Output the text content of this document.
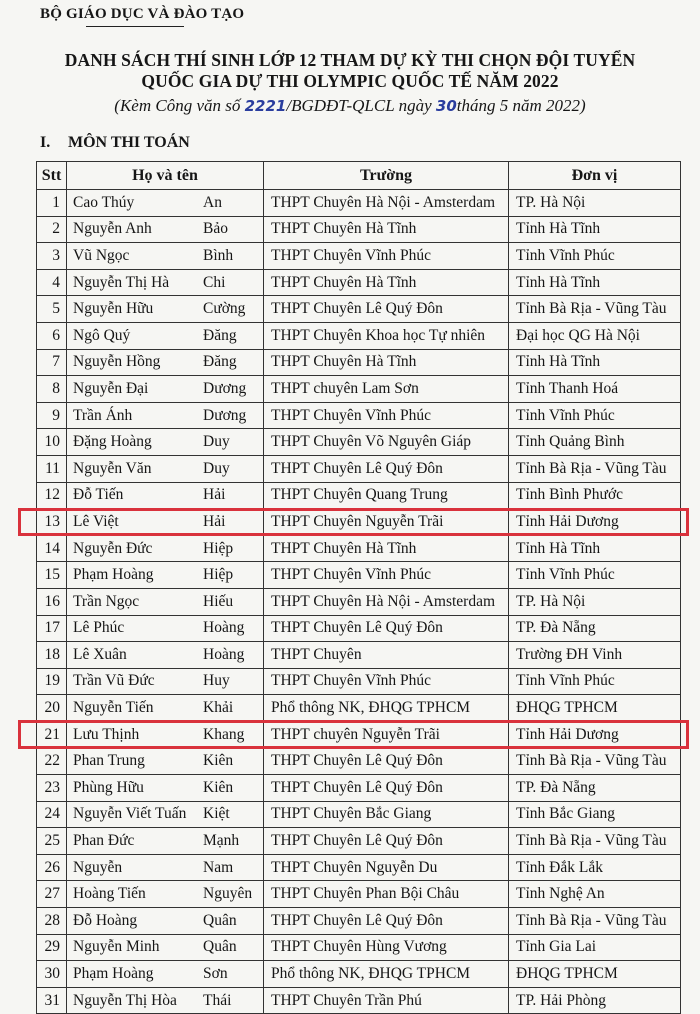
BỘ GIÁO DỤC VÀ ĐÀO TẠO
DANH SÁCH THÍ SINH LỚP 12 THAM DỰ KỲ THI CHỌN ĐỘI TUYỂN
QUỐC GIA DỰ THI OLYMPIC QUỐC TẾ NĂM 2022
(Kèm Công văn số 2221/BGDĐT-QLCL ngày 30tháng 5 năm 2022)
I. MÔN THI TOÁN
Stt	Họ và tên	Trường	Đơn vị
1	Cao Thúy An	THPT Chuyên Hà Nội - Amsterdam	TP. Hà Nội
2	Nguyễn Anh Bảo	THPT Chuyên Hà Tĩnh	Tỉnh Hà Tĩnh
3	Vũ Ngọc Bình	THPT Chuyên Vĩnh Phúc	Tỉnh Vĩnh Phúc
4	Nguyễn Thị Hà Chi	THPT Chuyên Hà Tĩnh	Tỉnh Hà Tĩnh
5	Nguyễn Hữu Cường	THPT Chuyên Lê Quý Đôn	Tỉnh Bà Rịa - Vũng Tàu
6	Ngô Quý Đăng	THPT Chuyên Khoa học Tự nhiên	Đại học QG Hà Nội
7	Nguyễn Hồng Đăng	THPT Chuyên Hà Tĩnh	Tỉnh Hà Tĩnh
8	Nguyễn Đại Dương	THPT chuyên Lam Sơn	Tỉnh Thanh Hoá
9	Trần Ánh Dương	THPT Chuyên Vĩnh Phúc	Tỉnh Vĩnh Phúc
10	Đặng Hoàng Duy	THPT Chuyên Võ Nguyên Giáp	Tỉnh Quảng Bình
11	Nguyễn Văn Duy	THPT Chuyên Lê Quý Đôn	Tỉnh Bà Rịa - Vũng Tàu
12	Đỗ Tiến Hải	THPT Chuyên Quang Trung	Tỉnh Bình Phước
13	Lê Việt Hải	THPT Chuyên Nguyễn Trãi	Tỉnh Hải Dương
14	Nguyễn Đức Hiệp	THPT Chuyên Hà Tĩnh	Tỉnh Hà Tĩnh
15	Phạm Hoàng Hiệp	THPT Chuyên Vĩnh Phúc	Tỉnh Vĩnh Phúc
16	Trần Ngọc Hiếu	THPT Chuyên Hà Nội - Amsterdam	TP. Hà Nội
17	Lê Phúc Hoàng	THPT Chuyên Lê Quý Đôn	TP. Đà Nẵng
18	Lê Xuân Hoàng	THPT Chuyên	Trường ĐH Vinh
19	Trần Vũ Đức Huy	THPT Chuyên Vĩnh Phúc	Tỉnh Vĩnh Phúc
20	Nguyễn Tiến Khải	Phổ thông NK, ĐHQG TPHCM	ĐHQG TPHCM
21	Lưu Thịnh Khang	THPT chuyên Nguyễn Trãi	Tỉnh Hải Dương
22	Phan Trung Kiên	THPT Chuyên Lê Quý Đôn	Tỉnh Bà Rịa - Vũng Tàu
23	Phùng Hữu Kiên	THPT Chuyên Lê Quý Đôn	TP. Đà Nẵng
24	Nguyễn Viết Tuấn Kiệt	THPT Chuyên Bắc Giang	Tỉnh Bắc Giang
25	Phan Đức Mạnh	THPT Chuyên Lê Quý Đôn	Tỉnh Bà Rịa - Vũng Tàu
26	Nguyễn Nam	THPT Chuyên Nguyễn Du	Tỉnh Đắk Lắk
27	Hoàng Tiến Nguyên	THPT Chuyên Phan Bội Châu	Tỉnh Nghệ An
28	Đỗ Hoàng Quân	THPT Chuyên Lê Quý Đôn	Tỉnh Bà Rịa - Vũng Tàu
29	Nguyễn Minh Quân	THPT Chuyên Hùng Vương	Tỉnh Gia Lai
30	Phạm Hoàng Sơn	Phổ thông NK, ĐHQG TPHCM	ĐHQG TPHCM
31	Nguyễn Thị Hòa Thái	THPT Chuyên Trần Phú	TP. Hải Phòng
